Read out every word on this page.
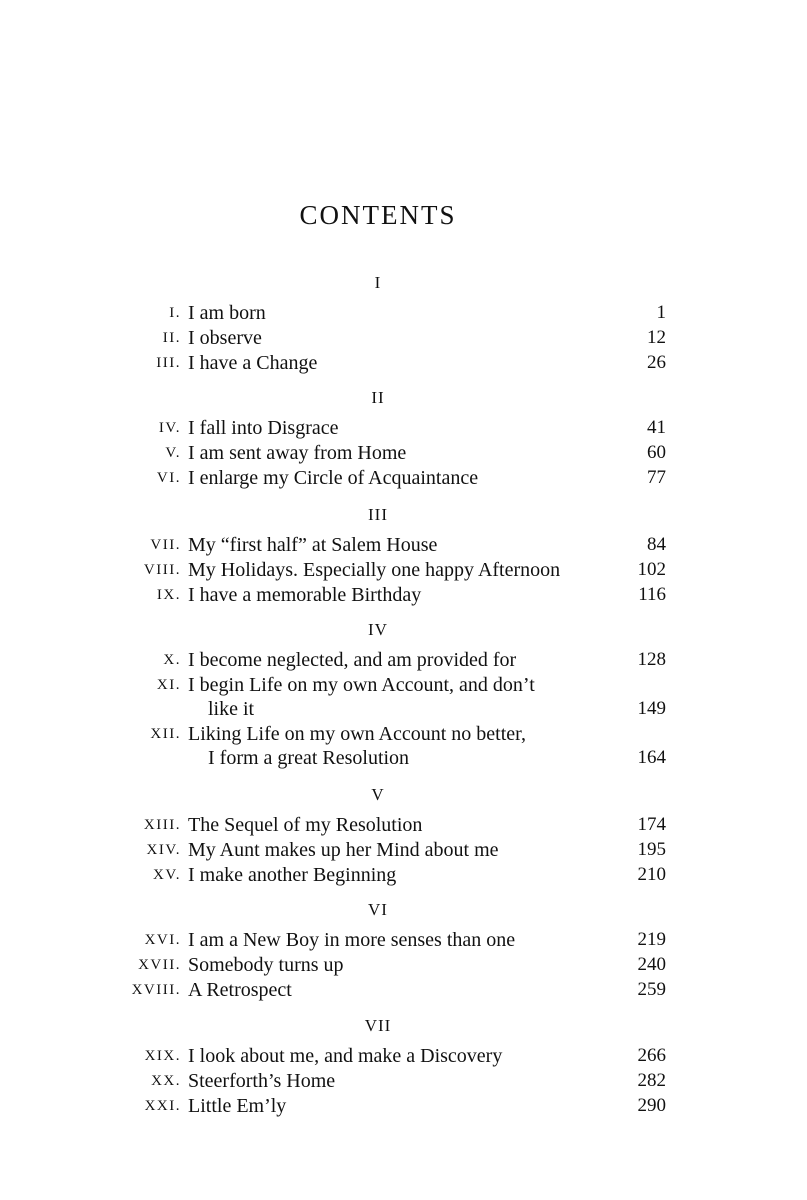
CONTENTS
I
I. I am born	1
II. I observe	12
III. I have a Change	26
II
IV. I fall into Disgrace	41
V. I am sent away from Home	60
VI. I enlarge my Circle of Acquaintance	77
III
VII. My “first half” at Salem House	84
VIII. My Holidays. Especially one happy Afternoon	102
IX. I have a memorable Birthday	116
IV
X. I become neglected, and am provided for	128
XI. I begin Life on my own Account, and don’t
like it	149
XII. Liking Life on my own Account no better,
I form a great Resolution	164
V
XIII. The Sequel of my Resolution	174
XIV. My Aunt makes up her Mind about me	195
XV. I make another Beginning	210
VI
XVI. I am a New Boy in more senses than one	219
XVII. Somebody turns up	240
XVIII. A Retrospect	259
VII
XIX. I look about me, and make a Discovery	266
XX. Steerforth’s Home	282
XXI. Little Em’ly	290
